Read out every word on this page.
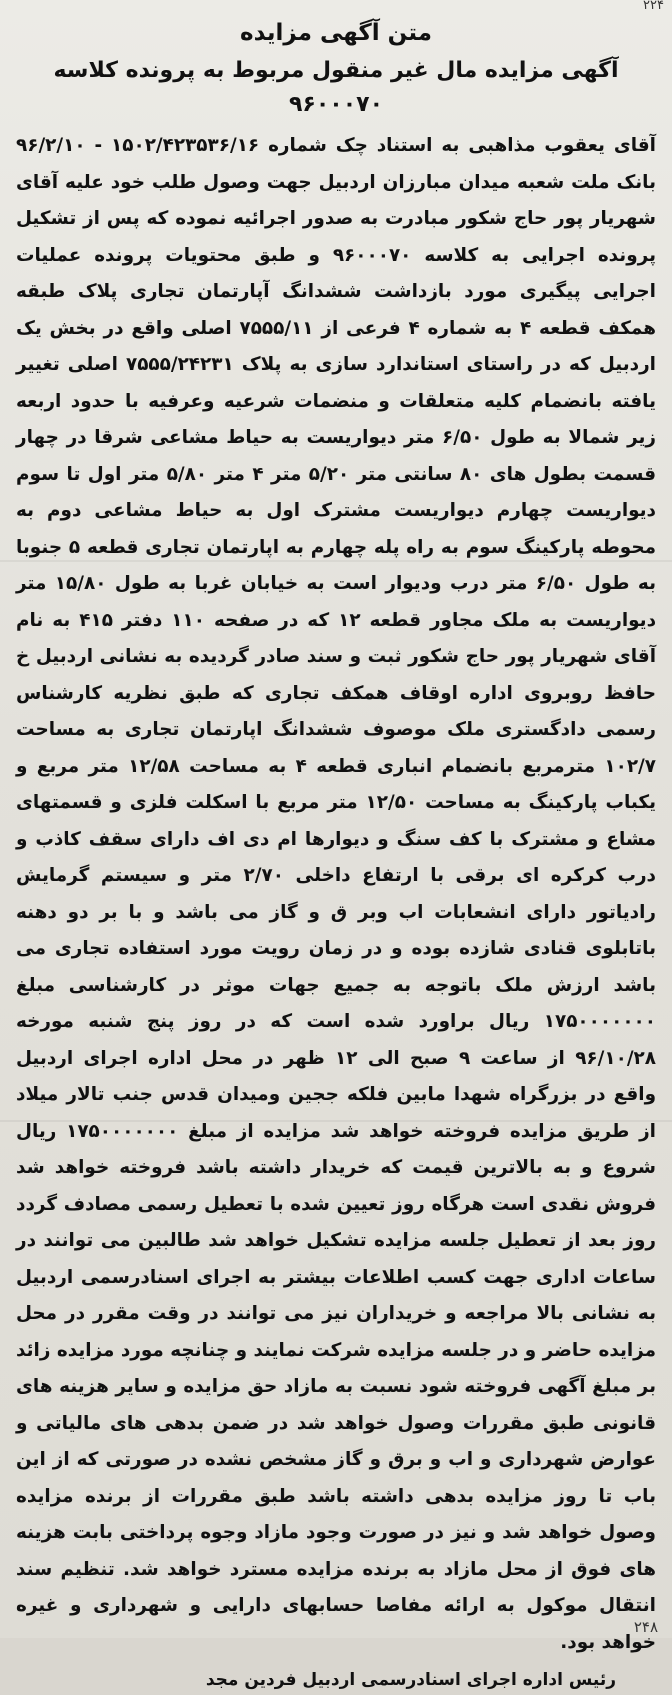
۲۲۴
متن آگهی مزایده
آگهی مزایده مال غیر منقول مربوط به پرونده کلاسه ۹۶۰۰۰۷۰

آقای یعقوب مذاهبی به استناد چک شماره ۱۵۰۲/۴۲۳۵۳۶/۱۶ - ۹۶/۲/۱۰ بانک ملت شعبه میدان مبارزان اردبیل جهت وصول طلب خود علیه آقای شهریار پور حاج شکور مبادرت به صدور اجرائیه نموده که پس از تشکیل پرونده اجرایی به کلاسه ۹۶۰۰۰۷۰ و طبق محتویات پرونده عملیات اجرایی پیگیری مورد بازداشت ششدانگ آپارتمان تجاری پلاک طبقه همکف قطعه ۴ به شماره ۴ فرعی از ۷۵۵۵/۱۱ اصلی واقع در بخش یک اردبیل که در راستای استاندارد سازی به پلاک ۷۵۵۵/۲۴۲۳۱ اصلی تغییر یافته بانضمام کلیه متعلقات و منضمات شرعیه وعرفیه با حدود اربعه زیر شمالا به طول ۶/۵۰ متر دیواریست به حیاط مشاعی شرقا در چهار قسمت بطول های ۸۰ سانتی متر ۵/۲۰ متر ۴ متر ۵/۸۰ متر اول تا سوم دیواریست چهارم دیواریست مشترک اول به حیاط مشاعی دوم به محوطه پارکینگ سوم به راه پله چهارم به اپارتمان تجاری قطعه ۵ جنوبا به طول ۶/۵۰ متر درب ودیوار است به خیابان غربا به طول ۱۵/۸۰ متر دیواریست به ملک مجاور قطعه ۱۲ که در صفحه ۱۱۰ دفتر ۴۱۵ به نام آقای شهریار پور حاج شکور ثبت و سند صادر گردیده به نشانی اردبیل خ حافظ روبروی اداره اوقاف همکف تجاری که طبق نظریه کارشناس رسمی دادگستری ملک موصوف ششدانگ اپارتمان تجاری به مساحت ۱۰۲/۷ مترمربع بانضمام انباری قطعه ۴ به مساحت ۱۲/۵۸ متر مربع و یکباب پارکینگ به مساحت ۱۲/۵۰ متر مربع با اسکلت فلزی و قسمتهای مشاع و مشترک با کف سنگ و دیوارها ام دی اف دارای سقف کاذب و درب کرکره ای برقی با ارتفاع داخلی ۲/۷۰ متر و سیستم گرمایش رادیاتور دارای انشعابات اب وبر ق و گاز می باشد و با بر دو دهنه باتابلوی قنادی شازده بوده و در زمان رویت مورد استفاده تجاری می باشد ارزش ملک باتوجه به جمیع جهات موثر در کارشناسی مبلغ ۱۷۵۰۰۰۰۰۰۰ ریال براورد شده است که در روز پنج شنبه مورخه ۹۶/۱۰/۲۸ از ساعت ۹ صبح الی ۱۲ ظهر در محل اداره اجرای اردبیل واقع در بزرگراه شهدا مابین فلکه ججین ومیدان قدس جنب تالار میلاد از طریق مزایده فروخته خواهد شد مزایده از مبلغ ۱۷۵۰۰۰۰۰۰۰ ریال شروع و به بالاترین قیمت که خریدار داشته باشد فروخته خواهد شد فروش نقدی است هرگاه روز تعیین شده با تعطیل رسمی مصادف گردد روز بعد از تعطیل جلسه مزایده تشکیل خواهد شد طالبین می توانند در ساعات اداری جهت کسب اطلاعات بیشتر به اجرای اسنادرسمی اردبیل به نشانی بالا مراجعه و خریداران نیز می توانند در وقت مقرر در محل مزایده حاضر و در جلسه مزایده شرکت نمایند و چنانچه مورد مزایده زائد بر مبلغ آگهی فروخته شود نسبت به مازاد حق مزایده و سایر هزینه های قانونی طبق مقررات وصول خواهد شد در ضمن بدهی های مالیاتی و عوارض شهرداری و اب و برق و گاز مشخص نشده در صورتی که از این باب تا روز مزایده بدهی داشته باشد طبق مقررات از برنده مزایده وصول خواهد شد و نیز در صورت وجود مازاد وجوه پرداختی بابت هزینه های فوق از محل مازاد به برنده مزایده مسترد خواهد شد. تنظیم سند انتقال موکول به ارائه مفاصا حسابهای دارایی و شهرداری و غیره خواهد بود.

رئیس اداره اجرای اسنادرسمی اردبیل فردین مجد
۲۴۸
